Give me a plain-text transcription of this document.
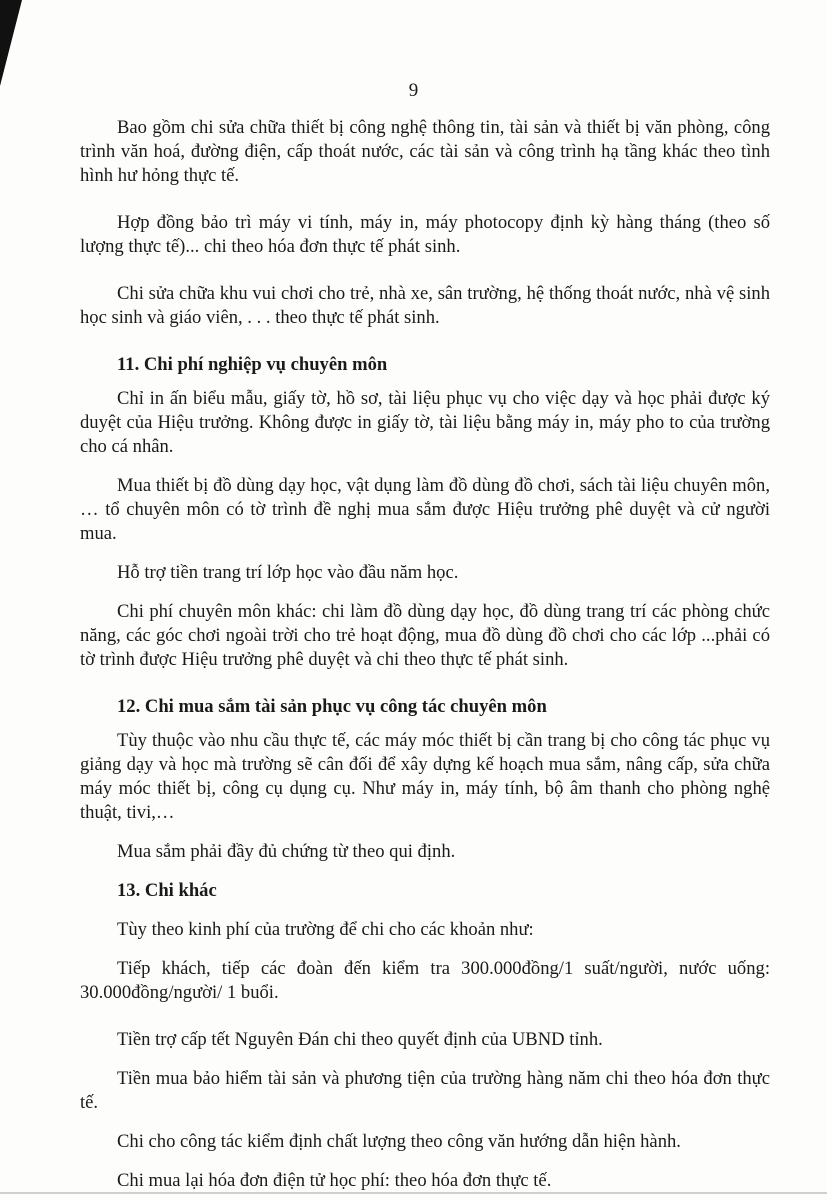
9

Bao gồm chi sửa chữa thiết bị công nghệ thông tin, tài sản và thiết bị văn phòng, công trình văn hoá, đường điện, cấp thoát nước, các tài sản và công trình hạ tầng khác theo tình hình hư hỏng thực tế.

Hợp đồng bảo trì máy vi tính, máy in, máy photocopy định kỳ hàng tháng (theo số lượng thực tế)... chi theo hóa đơn thực tế phát sinh.

Chi sửa chữa khu vui chơi cho trẻ, nhà xe, sân trường, hệ thống thoát nước, nhà vệ sinh học sinh và giáo viên, . . . theo thực tế phát sinh.

11. Chi phí nghiệp vụ chuyên môn

Chỉ in ấn biểu mẫu, giấy tờ, hồ sơ, tài liệu phục vụ cho việc dạy và học phải được ký duyệt của Hiệu trưởng. Không được in giấy tờ, tài liệu bằng máy in, máy pho to của trường cho cá nhân.

Mua thiết bị đồ dùng dạy học, vật dụng làm đồ dùng đồ chơi, sách tài liệu chuyên môn, … tổ chuyên môn có tờ trình đề nghị mua sắm được Hiệu trưởng phê duyệt và cử người mua.

Hỗ trợ tiền trang trí lớp học vào đầu năm học.

Chi phí chuyên môn khác: chi làm đồ dùng dạy học, đồ dùng trang trí các phòng chức năng, các góc chơi ngoài trời cho trẻ hoạt động, mua đồ dùng đồ chơi cho các lớp ...phải có tờ trình được Hiệu trưởng phê duyệt và chi theo thực tế phát sinh.

12. Chi mua sắm tài sản phục vụ công tác chuyên môn

Tùy thuộc vào nhu cầu thực tế, các máy móc thiết bị cần trang bị cho công tác phục vụ giảng dạy và học mà trường sẽ cân đối để xây dựng kế hoạch mua sắm, nâng cấp, sửa chữa máy móc thiết bị, công cụ dụng cụ. Như máy in, máy tính, bộ âm thanh cho phòng nghệ thuật, tivi,…

Mua sắm phải đầy đủ chứng từ theo qui định.

13. Chi khác

Tùy theo kinh phí của trường để chi cho các khoản như:

Tiếp khách, tiếp các đoàn đến kiểm tra 300.000đồng/1 suất/người, nước uống: 30.000đồng/người/ 1 buổi.

Tiền trợ cấp tết Nguyên Đán chi theo quyết định của UBND tỉnh.

Tiền mua bảo hiểm tài sản và phương tiện của trường hàng năm chi theo hóa đơn thực tế.

Chi cho công tác kiểm định chất lượng theo công văn hướng dẫn hiện hành.

Chi mua lại hóa đơn điện tử học phí: theo hóa đơn thực tế.
